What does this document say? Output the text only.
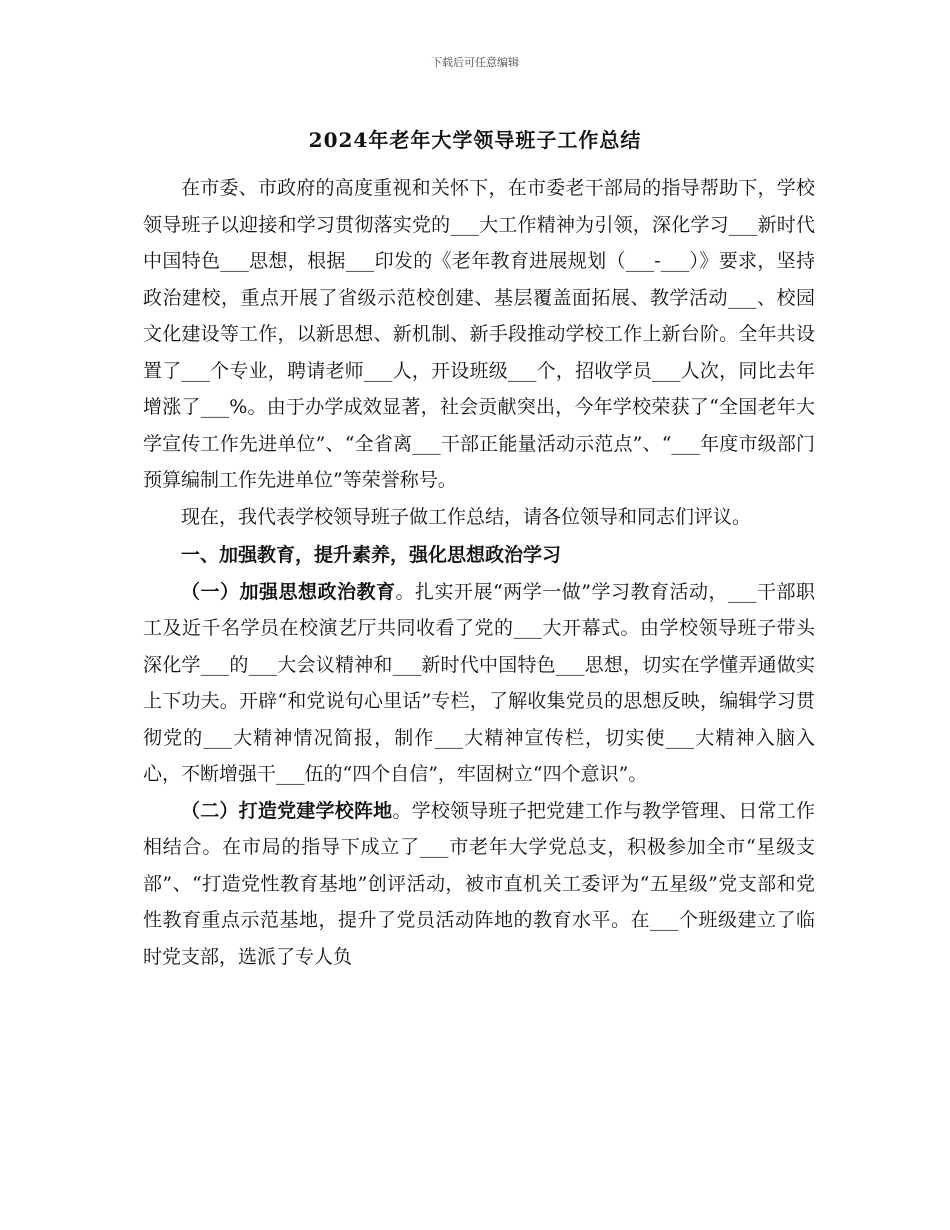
下载后可任意编辑
2024年老年大学领导班子工作总结

在市委、市政府的高度重视和关怀下，在市委老干部局的指导帮助下，学校领导班子以迎接和学习贯彻落实党的___大工作精神为引领，深化学习___新时代中国特色___思想，根据___印发的《老年教育进展规划（___-___）》要求，坚持政治建校，重点开展了省级示范校创建、基层覆盖面拓展、教学活动___、校园文化建设等工作，以新思想、新机制、新手段推动学校工作上新台阶。全年共设置了___个专业，聘请老师___人，开设班级___个，招收学员___人次，同比去年增涨了___%。由于办学成效显著，社会贡献突出，今年学校荣获了“全国老年大学宣传工作先进单位”、“全省离___干部正能量活动示范点”、“___年度市级部门预算编制工作先进单位”等荣誉称号。

现在，我代表学校领导班子做工作总结，请各位领导和同志们评议。

一、加强教育，提升素养，强化思想政治学习

（一）加强思想政治教育。扎实开展“两学一做”学习教育活动，___干部职工及近千名学员在校演艺厅共同收看了党的___大开幕式。由学校领导班子带头深化学___的___大会议精神和___新时代中国特色___思想，切实在学懂弄通做实上下功夫。开辟“和党说句心里话”专栏，了解收集党员的思想反映，编辑学习贯彻党的___大精神情况简报，制作___大精神宣传栏，切实使___大精神入脑入心，不断增强干___伍的“四个自信”，牢固树立“四个意识”。

（二）打造党建学校阵地。学校领导班子把党建工作与教学管理、日常工作相结合。在市局的指导下成立了___市老年大学党总支，积极参加全市“星级支部”、“打造党性教育基地”创评活动，被市直机关工委评为“五星级”党支部和党性教育重点示范基地，提升了党员活动阵地的教育水平。在___个班级建立了临时党支部，选派了专人负
